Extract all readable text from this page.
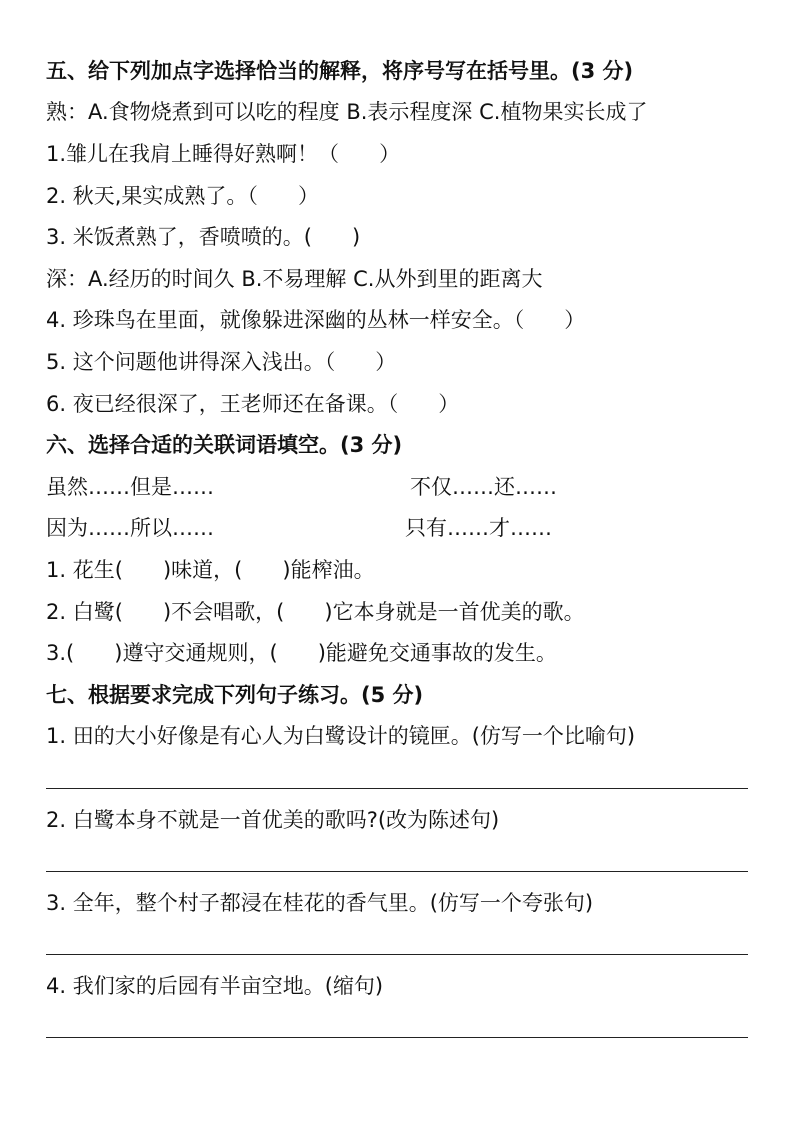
五、给下列加点字选择恰当的解释，将序号写在括号里。(3 分)
熟：A.食物烧煮到可以吃的程度 B.表示程度深 C.植物果实长成了
1.雏儿在我肩上睡得好熟啊！（      ）
2. 秋天,果实成熟了。（      ）
3. 米饭煮熟了，香喷喷的。(      )
深：A.经历的时间久 B.不易理解 C.从外到里的距离大
4. 珍珠鸟在里面，就像躲进深幽的丛林一样安全。（      ）
5. 这个问题他讲得深入浅出。（      ）
6. 夜已经很深了，王老师还在备课。（      ）
六、选择合适的关联词语填空。(3 分)
虽然……但是……	不仅……还……
因为……所以……	只有……才……
1. 花生(      )味道，(      )能榨油。
2. 白鹭(      )不会唱歌，(      )它本身就是一首优美的歌。
3.(      )遵守交通规则，(      )能避免交通事故的发生。
七、根据要求完成下列句子练习。(5 分)
1. 田的大小好像是有心人为白鹭设计的镜匣。(仿写一个比喻句)
2. 白鹭本身不就是一首优美的歌吗?(改为陈述句)
3. 全年，整个村子都浸在桂花的香气里。(仿写一个夸张句)
4. 我们家的后园有半亩空地。(缩句)
